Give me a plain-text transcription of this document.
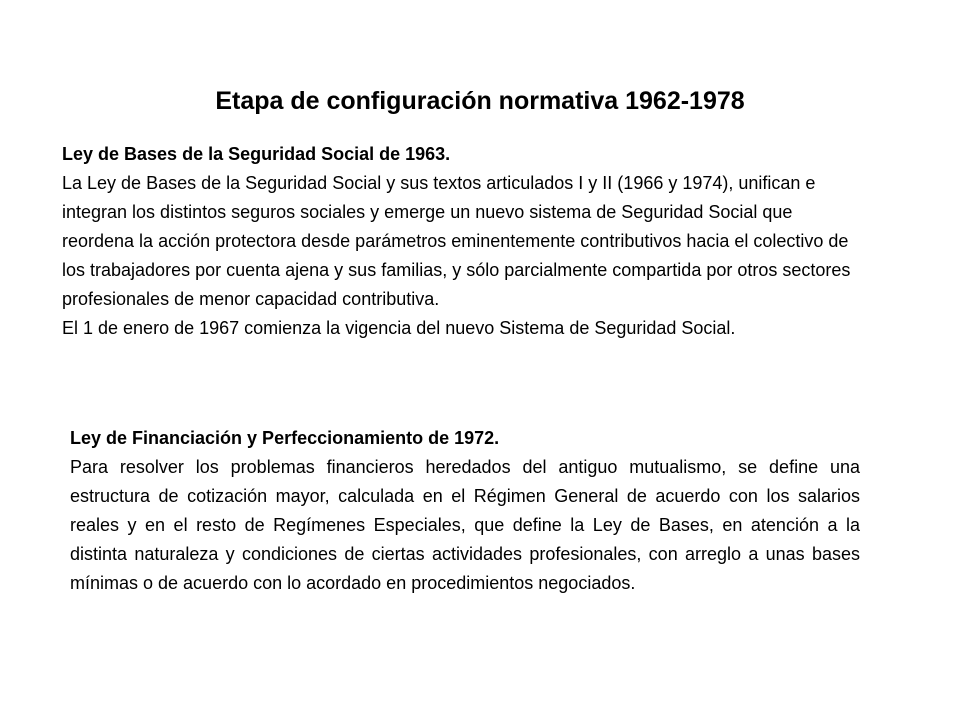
Etapa de configuración normativa 1962-1978

Ley de Bases de la Seguridad Social de 1963.

La Ley de Bases de la Seguridad Social y sus textos articulados I y II (1966 y 1974), unifican e integran los distintos seguros sociales y emerge un nuevo sistema de Seguridad Social que reordena la acción protectora desde parámetros eminentemente contributivos hacia el colectivo de los trabajadores por cuenta ajena y sus familias, y sólo parcialmente compartida por otros sectores profesionales de menor capacidad contributiva.

El 1 de enero de 1967 comienza la vigencia del nuevo Sistema de Seguridad Social.

Ley de Financiación y Perfeccionamiento de 1972.

Para resolver los problemas financieros heredados del antiguo mutualismo, se define una estructura de cotización mayor, calculada en el Régimen General de acuerdo con los salarios reales y en el resto de Regímenes Especiales, que define la Ley de Bases, en atención a la distinta naturaleza y condiciones de ciertas actividades profesionales, con arreglo a unas bases mínimas o de acuerdo con lo acordado en procedimientos negociados.
